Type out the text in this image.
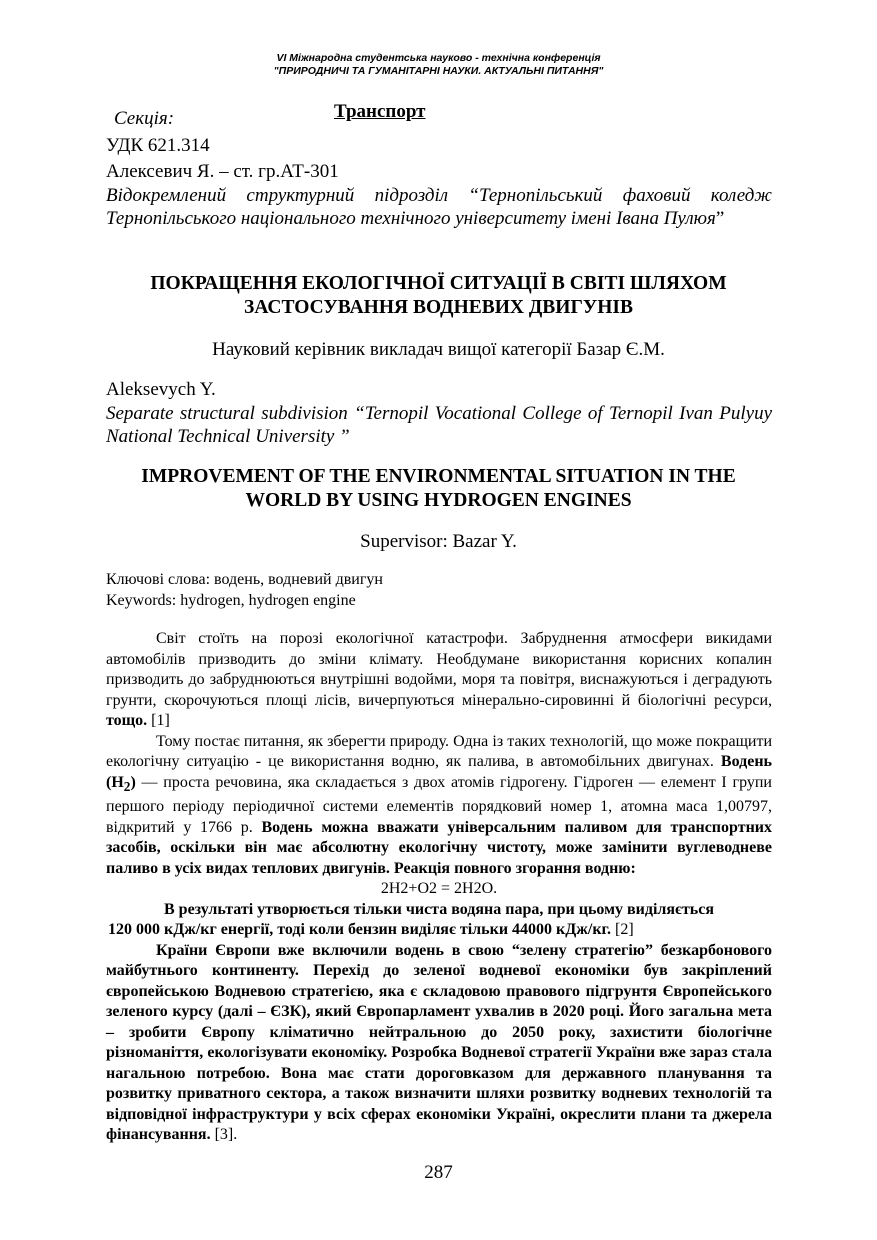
VI Міжнародна студентська науково - технічна конференція
"ПРИРОДНИЧІ ТА ГУМАНІТАРНІ НАУКИ. АКТУАЛЬНІ ПИТАННЯ"
Секція:	Транспорт
УДК 621.314
Алексевич Я. – ст. гр.АТ-301
Відокремлений структурний підрозділ “Тернопільський фаховий коледж Тернопільського національного технічного університету імені Івана Пулюя”
ПОКРАЩЕННЯ ЕКОЛОГІЧНОЇ СИТУАЦІЇ В СВІТІ ШЛЯХОМ
ЗАСТОСУВАННЯ ВОДНЕВИХ ДВИГУНІВ
Науковий керівник викладач вищої категорії Базар Є.М.
Aleksevych Y.
Separate structural subdivision “Ternopil Vocational College of Ternopil Ivan Pulyuy National Technical University ”
IMPROVEMENT OF THE ENVIRONMENTAL SITUATION IN THE
WORLD BY USING HYDROGEN ENGINES
Supervisor: Bazar Y.

Ключові слова: водень, водневий двигун

Keywords: hydrogen, hydrogen engine

Світ стоїть на порозі екологічної катастрофи. Забруднення атмосфери викидами автомобілів призводить до зміни клімату. Необдумане використання корисних копалин призводить до забруднюються внутрішні водойми, моря та повітря, виснажуються і деградують грунти, скорочуються площі лісів, вичерпуються мінерально-сировинні й біологічні ресурси, тощо. [1]

Тому постає питання, як зберегти природу. Одна із таких технологій, що може покращити екологічну ситуацію - це використання водню, як палива, в автомобільних двигунах. Водень $(Н_2)$ — проста речовина, яка складається з двох атомів гідрогену. Гідроген — елемент I групи першого періоду періодичної системи елементів порядковий номер 1, атомна маса 1,00797, відкритий у 1766 р. Водень можна вважати універсальним паливом для транспортних засобів, оскільки він має абсолютну екологічну чистоту, може замінити вуглеводневе паливо в усіх видах теплових двигунів. Реакція повного згорання водню:

2H2+O2 = 2H2O.

В результаті утворюється тільки чиста водяна пара, при цьому виділяється
120 000 кДж/кг енергії, тоді коли бензин виділяє тільки 44000 кДж/кг. [2]

Країни Європи вже включили водень в свою “зелену стратегію” безкарбонового майбутнього континенту. Перехід до зеленої водневої економіки був закріплений європейською Водневою стратегією, яка є складовою правового підгрунтя Європейського зеленого курсу (далі – ЄЗК), який Європарламент ухвалив в 2020 році. Його загальна мета – зробити Європу кліматично нейтральною до 2050 року, захистити біологічне різноманіття, екологізувати економіку. Розробка Водневої стратегії України вже зараз стала нагальною потребою. Вона має стати дороговказом для державного планування та розвитку приватного сектора, а також визначити шляхи розвитку водневих технологій та відповідної інфраструктури у всіх сферах економіки Україні, окреслити плани та джерела фінансування. [3].

287
